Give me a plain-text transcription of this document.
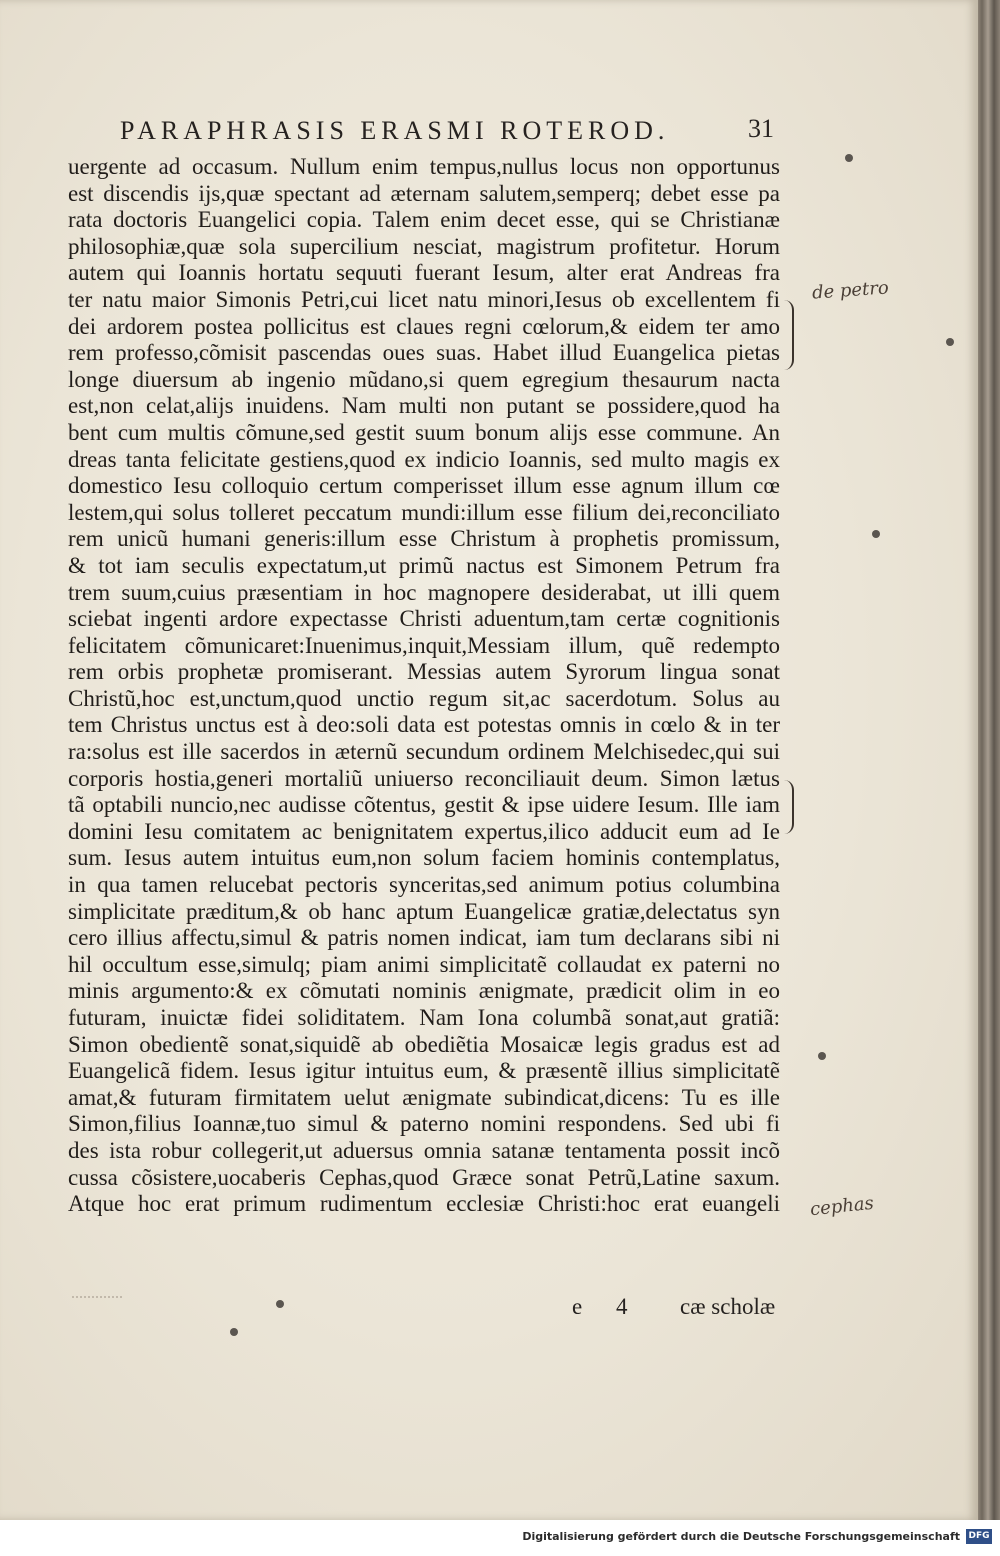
PARAPHRASIS ERASMI ROTEROD.	31
uergente ad occasum. Nullum enim tempus,nullus locus non opportunus
est discendis ijs,quæ spectant ad æternam salutem,semperq; debet esse pa
rata doctoris Euangelici copia. Talem enim decet esse, qui se Christianæ
philosophiæ,quæ sola supercilium nesciat, magistrum profitetur. Horum
autem qui Ioannis hortatu sequuti fuerant Iesum, alter erat Andreas fra
ter natu maior Simonis Petri,cui licet natu minori,Iesus ob excellentem fi
dei ardorem postea pollicitus est claues regni cœlorum,& eidem ter amo
rem professo,cõmisit pascendas oues suas. Habet illud Euangelica pietas
longe diuersum ab ingenio mũdano,si quem egregium thesaurum nacta
est,non celat,alijs inuidens. Nam multi non putant se possidere,quod ha
bent cum multis cõmune,sed gestit suum bonum alijs esse commune. An
dreas tanta felicitate gestiens,quod ex indicio Ioannis, sed multo magis ex
domestico Iesu colloquio certum comperisset illum esse agnum illum cœ
lestem,qui solus tolleret peccatum mundi:illum esse filium dei,reconciliato
rem unicũ humani generis:illum esse Christum à prophetis promissum,
& tot iam seculis expectatum,ut primũ nactus est Simonem Petrum fra
trem suum,cuius præsentiam in hoc magnopere desiderabat, ut illi quem
sciebat ingenti ardore expectasse Christi aduentum,tam certæ cognitionis
felicitatem cõmunicaret:Inuenimus,inquit,Messiam illum, quẽ redempto
rem orbis prophetæ promiserant. Messias autem Syrorum lingua sonat
Christũ,hoc est,unctum,quod unctio regum sit,ac sacerdotum. Solus au
tem Christus unctus est à deo:soli data est potestas omnis in cœlo & in ter
ra:solus est ille sacerdos in æternũ secundum ordinem Melchisedec,qui sui
corporis hostia,generi mortaliũ uniuerso reconciliauit deum. Simon lætus
tã optabili nuncio,nec audisse cõtentus, gestit & ipse uidere Iesum. Ille iam
domini Iesu comitatem ac benignitatem expertus,ilico adducit eum ad Ie
sum. Iesus autem intuitus eum,non solum faciem hominis contemplatus,
in qua tamen relucebat pectoris synceritas,sed animum potius columbina
simplicitate præditum,& ob hanc aptum Euangelicæ gratiæ,delectatus syn
cero illius affectu,simul & patris nomen indicat, iam tum declarans sibi ni
hil occultum esse,simulq; piam animi simplicitatẽ collaudat ex paterni no
minis argumento:& ex cõmutati nominis ænigmate, prædicit olim in eo
futuram, inuictæ fidei soliditatem. Nam Iona columbã sonat,aut gratiã:
Simon obedientẽ sonat,siquidẽ ab obediẽtia Mosaicæ legis gradus est ad
Euangelicã fidem. Iesus igitur intuitus eum, & præsentẽ illius simplicitatẽ
amat,& futuram firmitatem uelut ænigmate subindicat,dicens: Tu es ille
Simon,filius Ioannæ,tuo simul & paterno nomini respondens. Sed ubi fi
des ista robur collegerit,ut aduersus omnia satanæ tentamenta possit incõ
cussa cõsistere,uocaberis Cephas,quod Græce sonat Petrũ,Latine saxum.
Atque hoc erat primum rudimentum ecclesiæ Christi:hoc erat euangeli
e 4 cæ scholæ
de petro
cephas
Digitalisierung gefördert durch die Deutsche Forschungsgemeinschaft DFG
